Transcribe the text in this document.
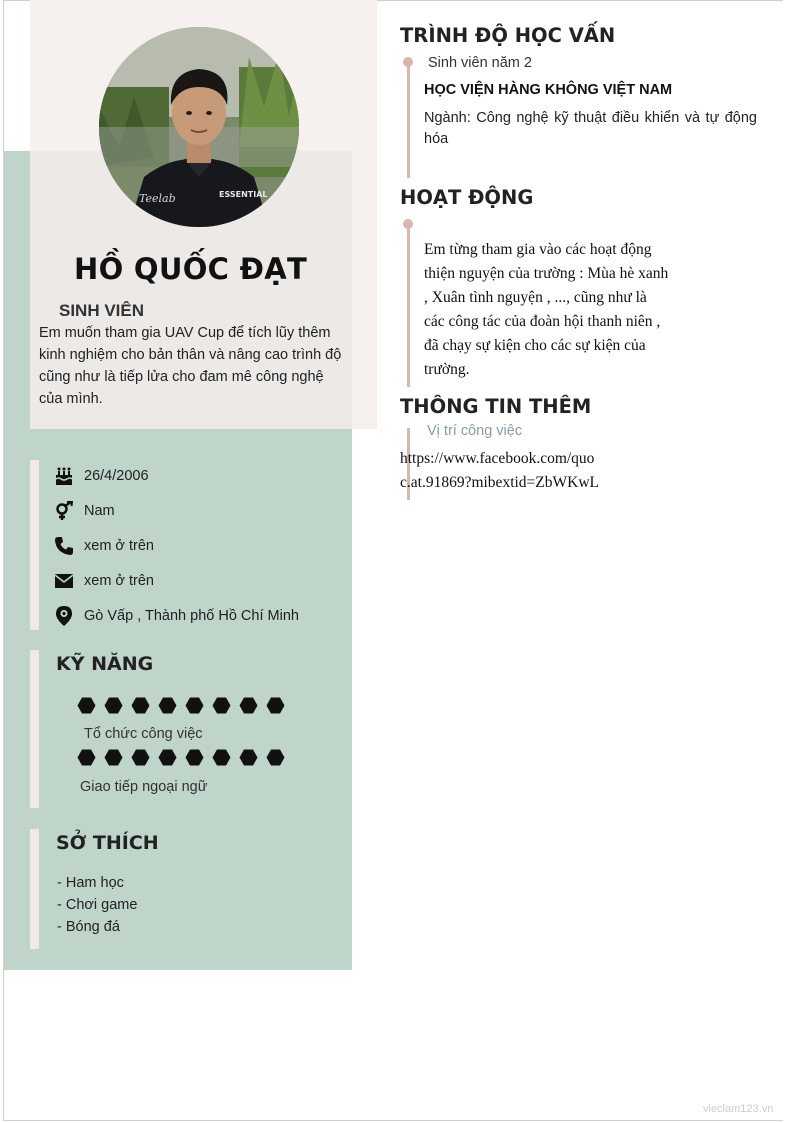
Teelab	ESSENTIAL
HỒ QUỐC ĐẠT
SINH VIÊN
Em muốn tham gia UAV Cup để tích lũy thêm kinh nghiệm cho bản thân và nâng cao trình độ cũng như là tiếp lửa cho đam mê công nghệ của mình.
26/4/2006
Nam
xem ở trên
xem ở trên
Gò Vấp , Thành phố Hồ Chí Minh
KỸ NĂNG
Tổ chức công việc
Giao tiếp ngoại ngữ
SỞ THÍCH
- Ham học
- Chơi game
- Bóng đá
TRÌNH ĐỘ HỌC VẤN
Sinh viên năm 2
HỌC VIỆN HÀNG KHÔNG VIỆT NAM
Ngành: Công nghệ kỹ thuật điều khiển và tự động hóa
HOẠT ĐỘNG
Em từng tham gia vào các hoạt động thiện nguyện của trường : Mùa hè xanh , Xuân tình nguyện , ..., cũng như là các công tác của đoàn hội thanh niên , đã chạy sự kiện cho các sự kiện của trường.
THÔNG TIN THÊM
Vị trí công việc
https://www.facebook.com/quoc.at.91869?mibextid=ZbWKwL
vieclam123.vn
